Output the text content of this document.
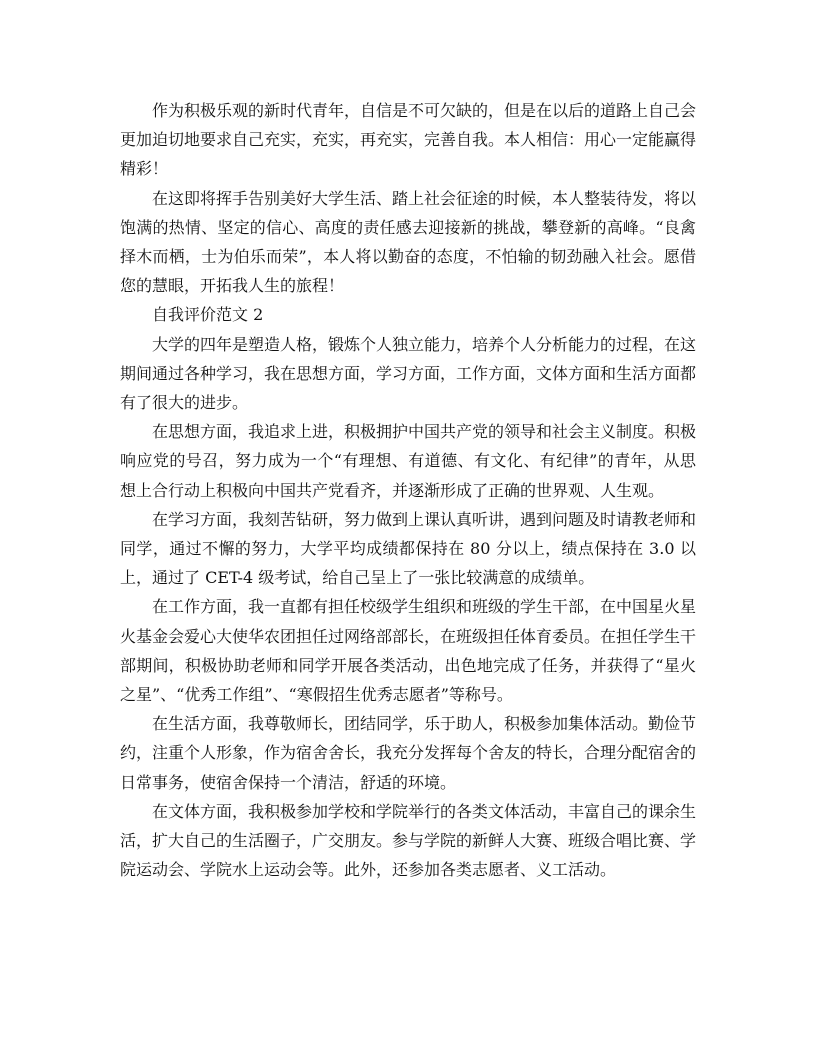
作为积极乐观的新时代青年，自信是不可欠缺的，但是在以后的道路上自己会更加迫切地要求自己充实，充实，再充实，完善自我。本人相信：用心一定能赢得精彩！

在这即将挥手告别美好大学生活、踏上社会征途的时候，本人整装待发，将以饱满的热情、坚定的信心、高度的责任感去迎接新的挑战，攀登新的高峰。“良禽择木而栖，士为伯乐而荣”，本人将以勤奋的态度，不怕输的韧劲融入社会。愿借您的慧眼，开拓我人生的旅程！

自我评价范文 2

大学的四年是塑造人格，锻炼个人独立能力，培养个人分析能力的过程，在这期间通过各种学习，我在思想方面，学习方面，工作方面，文体方面和生活方面都有了很大的进步。

在思想方面，我追求上进，积极拥护中国共产党的领导和社会主义制度。积极响应党的号召，努力成为一个“有理想、有道德、有文化、有纪律”的青年，从思想上合行动上积极向中国共产党看齐，并逐渐形成了正确的世界观、人生观。

在学习方面，我刻苦钻研，努力做到上课认真听讲，遇到问题及时请教老师和同学，通过不懈的努力，大学平均成绩都保持在 80 分以上，绩点保持在 3.0 以上，通过了 CET-4 级考试，给自己呈上了一张比较满意的成绩单。

在工作方面，我一直都有担任校级学生组织和班级的学生干部，在中国星火星火基金会爱心大使华农团担任过网络部部长，在班级担任体育委员。在担任学生干部期间，积极协助老师和同学开展各类活动，出色地完成了任务，并获得了“星火之星”、“优秀工作组”、“寒假招生优秀志愿者”等称号。

在生活方面，我尊敬师长，团结同学，乐于助人，积极参加集体活动。勤俭节约，注重个人形象，作为宿舍舍长，我充分发挥每个舍友的特长，合理分配宿舍的日常事务，使宿舍保持一个清洁，舒适的环境。

在文体方面，我积极参加学校和学院举行的各类文体活动，丰富自己的课余生活，扩大自己的生活圈子，广交朋友。参与学院的新鲜人大赛、班级合唱比赛、学院运动会、学院水上运动会等。此外，还参加各类志愿者、义工活动。
